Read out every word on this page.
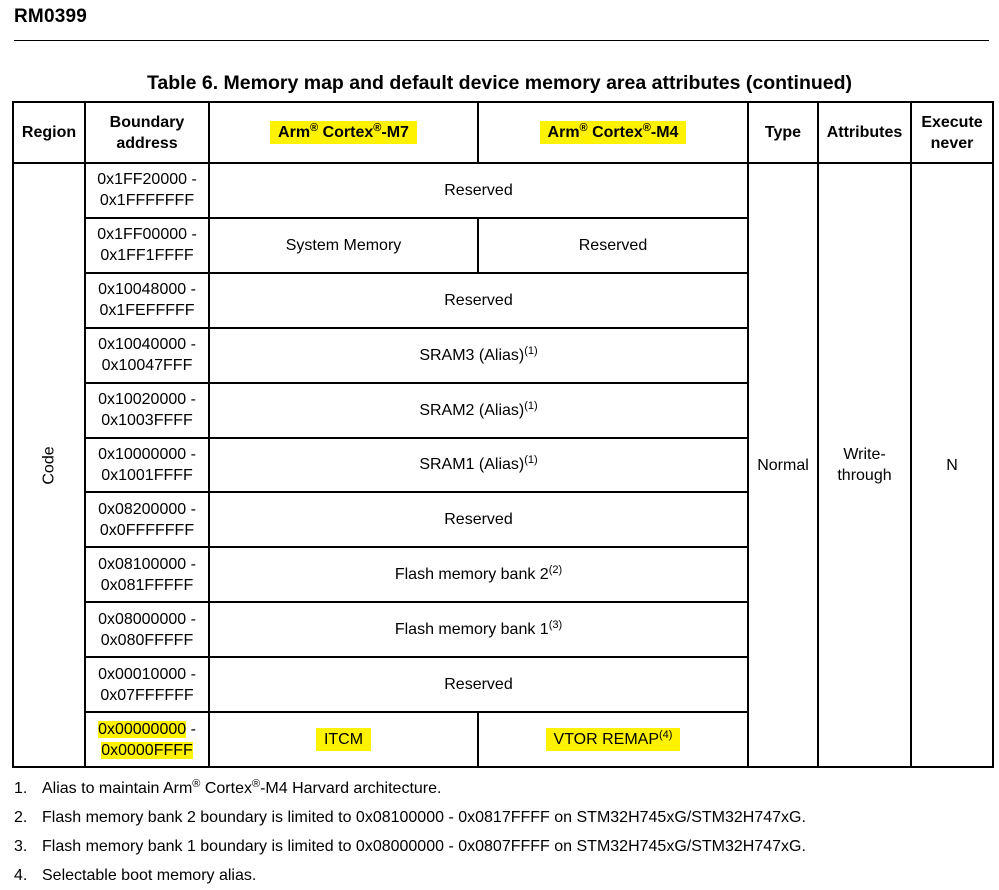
RM0399
Table 6. Memory map and default device memory area attributes (continued)
Region	Boundary
address	Arm® Cortex®-M7	Arm® Cortex®-M4	Type	Attributes	Execute
never
Code	0x1FF20000 -
0x1FFFFFFF	Reserved		Normal	Write-
through	N
	0x1FF00000 -
0x1FF1FFFF	System Memory	Reserved			
	0x10048000 -
0x1FEFFFFF	Reserved				
	0x10040000 -
0x10047FFF	SRAM3 (Alias)$^{(1)}$
	0x10020000 -
0x1003FFFF	SRAM2 (Alias)$^{(1)}$
	0x10000000 -
0x1001FFFF	SRAM1 (Alias)$^{(1)}$
	0x08200000 -
0x0FFFFFFF	Reserved				
	0x08100000 -
0x081FFFFF	Flash memory bank 2$^{(2)}$
	0x08000000 -
0x080FFFFF	Flash memory bank 1$^{(3)}$
	0x00010000 -
0x07FFFFFF	Reserved				
	0x00000000 -
0x0000FFFF	ITCM	VTOR REMAP$^{(4)}$
1. Alias to maintain Arm® Cortex®-M4 Harvard architecture.
2. Flash memory bank 2 boundary is limited to 0x08100000 - 0x0817FFFF on STM32H745xG/STM32H747xG.
3. Flash memory bank 1 boundary is limited to 0x08000000 - 0x0807FFFF on STM32H745xG/STM32H747xG.
4. Selectable boot memory alias.
